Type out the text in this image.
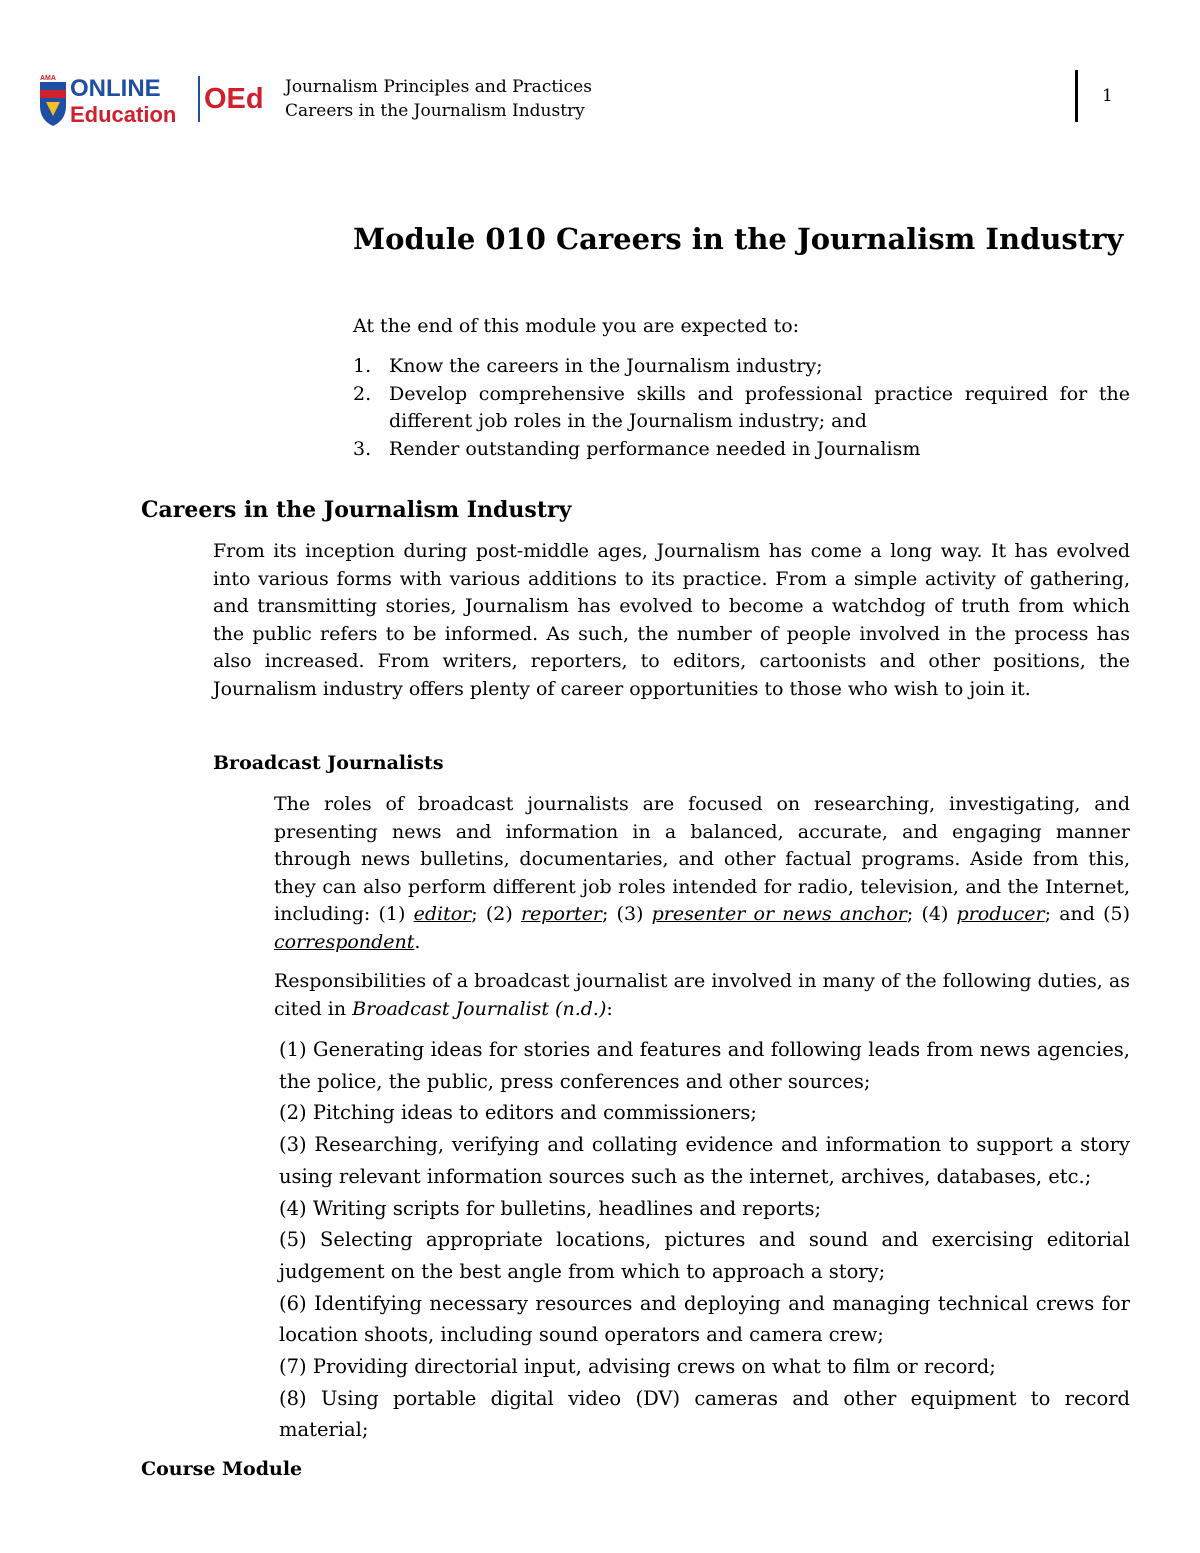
AMA ONLINE
Education OEd Journalism Principles and Practices
Careers in the Journalism Industry
1
Module 010 Careers in the Journalism Industry
At the end of this module you are expected to:
1. Know the careers in the Journalism industry;
2. Develop comprehensive skills and professional practice required for the different job roles in the Journalism industry; and
3. Render outstanding performance needed in Journalism
Careers in the Journalism Industry

From its inception during post-middle ages, Journalism has come a long way. It has evolved into various forms with various additions to its practice. From a simple activity of gathering, and transmitting stories, Journalism has evolved to become a watchdog of truth from which the public refers to be informed. As such, the number of people involved in the process has also increased. From writers, reporters, to editors, cartoonists and other positions, the Journalism industry offers plenty of career opportunities to those who wish to join it.

Broadcast Journalists

The roles of broadcast journalists are focused on researching, investigating, and presenting news and information in a balanced, accurate, and engaging manner through news bulletins, documentaries, and other factual programs. Aside from this, they can also perform different job roles intended for radio, television, and the Internet, including: (1) editor; (2) reporter; (3) presenter or news anchor; (4) producer; and (5) correspondent.

Responsibilities of a broadcast journalist are involved in many of the following duties, as cited in Broadcast Journalist (n.d.):

(1) Generating ideas for stories and features and following leads from news agencies, the police, the public, press conferences and other sources;
(2) Pitching ideas to editors and commissioners;
(3) Researching, verifying and collating evidence and information to support a story using relevant information sources such as the internet, archives, databases, etc.;
(4) Writing scripts for bulletins, headlines and reports;
(5) Selecting appropriate locations, pictures and sound and exercising editorial judgement on the best angle from which to approach a story;
(6) Identifying necessary resources and deploying and managing technical crews for location shoots, including sound operators and camera crew;
(7) Providing directorial input, advising crews on what to film or record;
(8) Using portable digital video (DV) cameras and other equipment to record material;
Course Module
